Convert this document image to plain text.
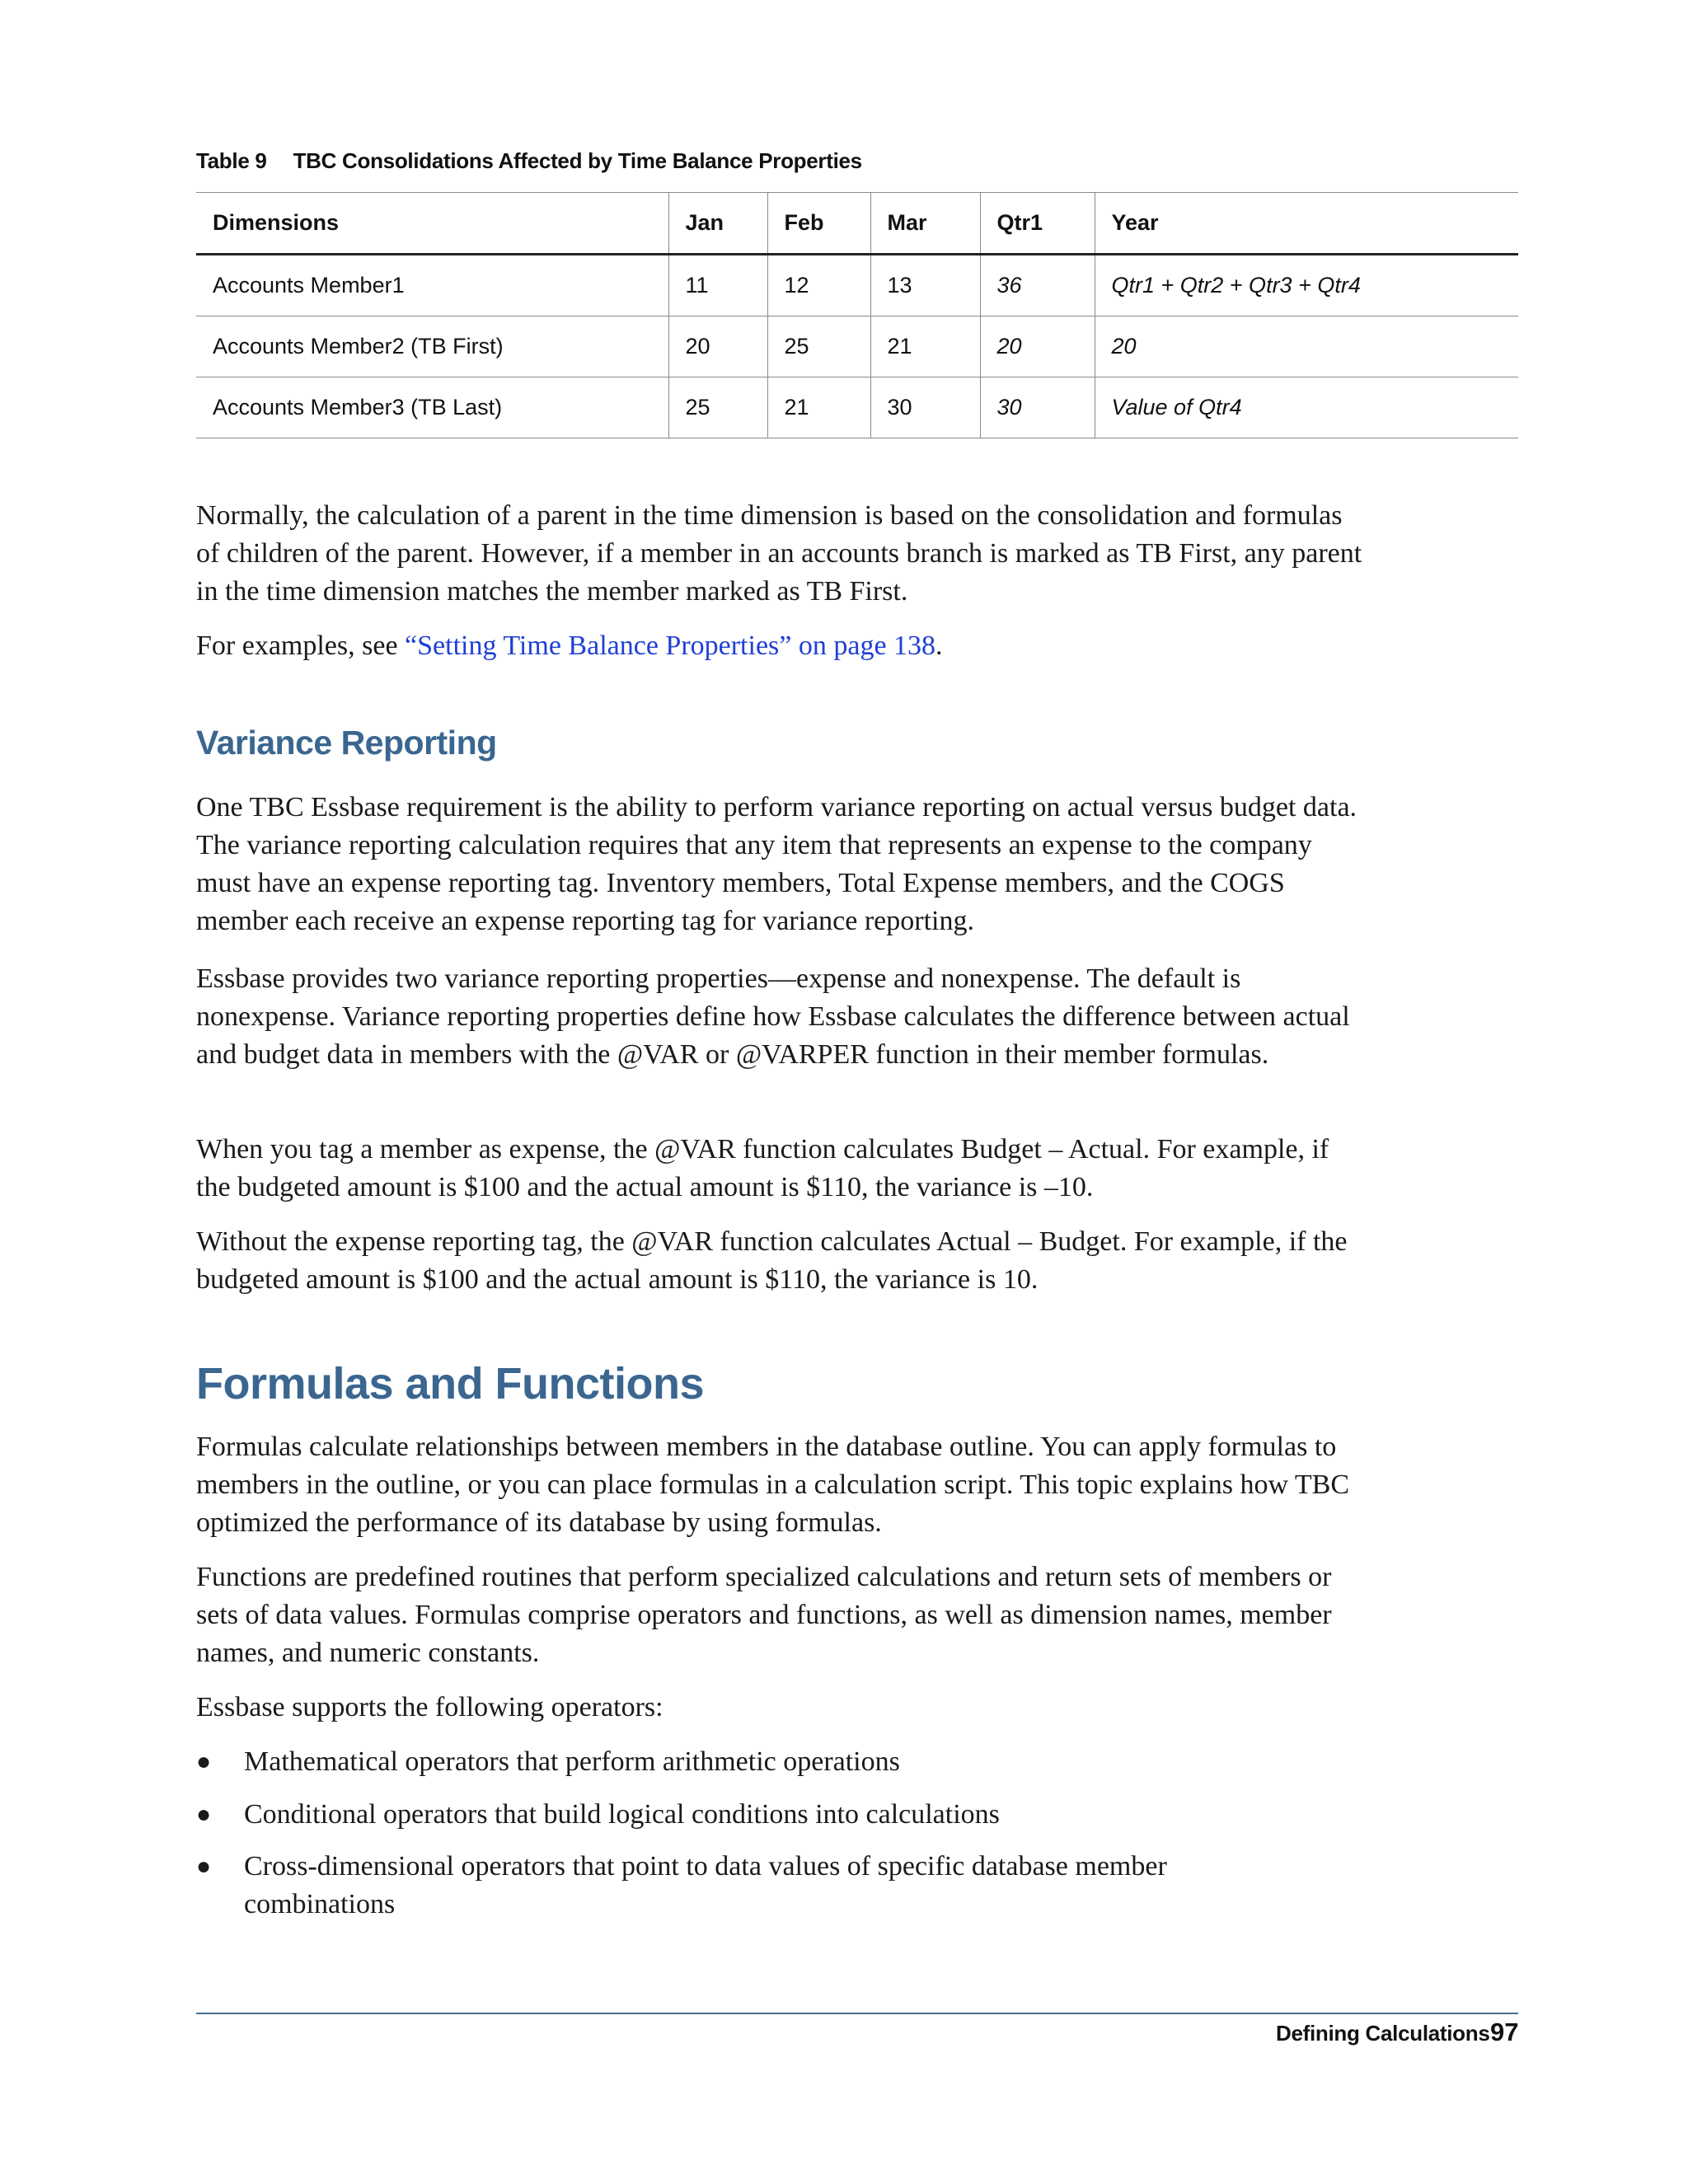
Table 9 TBC Consolidations Affected by Time Balance Properties
Dimensions	Jan	Feb	Mar	Qtr1	Year
Accounts Member1	11	12	13	36	Qtr1 + Qtr2 + Qtr3 + Qtr4
Accounts Member2 (TB First)	20	25	21	20	20
Accounts Member3 (TB Last)	25	21	30	30	Value of Qtr4

Normally, the calculation of a parent in the time dimension is based on the consolidation and formulas of children of the parent. However, if a member in an accounts branch is marked as TB First, any parent in the time dimension matches the member marked as TB First.

For examples, see “Setting Time Balance Properties” on page 138.

Variance Reporting

One TBC Essbase requirement is the ability to perform variance reporting on actual versus budget data. The variance reporting calculation requires that any item that represents an expense to the company must have an expense reporting tag. Inventory members, Total Expense members, and the COGS member each receive an expense reporting tag for variance reporting.

Essbase provides two variance reporting properties—expense and nonexpense. The default is nonexpense. Variance reporting properties define how Essbase calculates the difference between actual and budget data in members with the @VAR or @VARPER function in their member formulas.

When you tag a member as expense, the @VAR function calculates Budget – Actual. For example, if the budgeted amount is $100 and the actual amount is $110, the variance is –10.

Without the expense reporting tag, the @VAR function calculates Actual – Budget. For example, if the budgeted amount is $100 and the actual amount is $110, the variance is 10.

Formulas and Functions

Formulas calculate relationships between members in the database outline. You can apply formulas to members in the outline, or you can place formulas in a calculation script. This topic explains how TBC optimized the performance of its database by using formulas.

Functions are predefined routines that perform specialized calculations and return sets of members or sets of data values. Formulas comprise operators and functions, as well as dimension names, member names, and numeric constants.

Essbase supports the following operators:

● Mathematical operators that perform arithmetic operations
● Conditional operators that build logical conditions into calculations
● Cross-dimensional operators that point to data values of specific database member combinations
Defining Calculations 97
